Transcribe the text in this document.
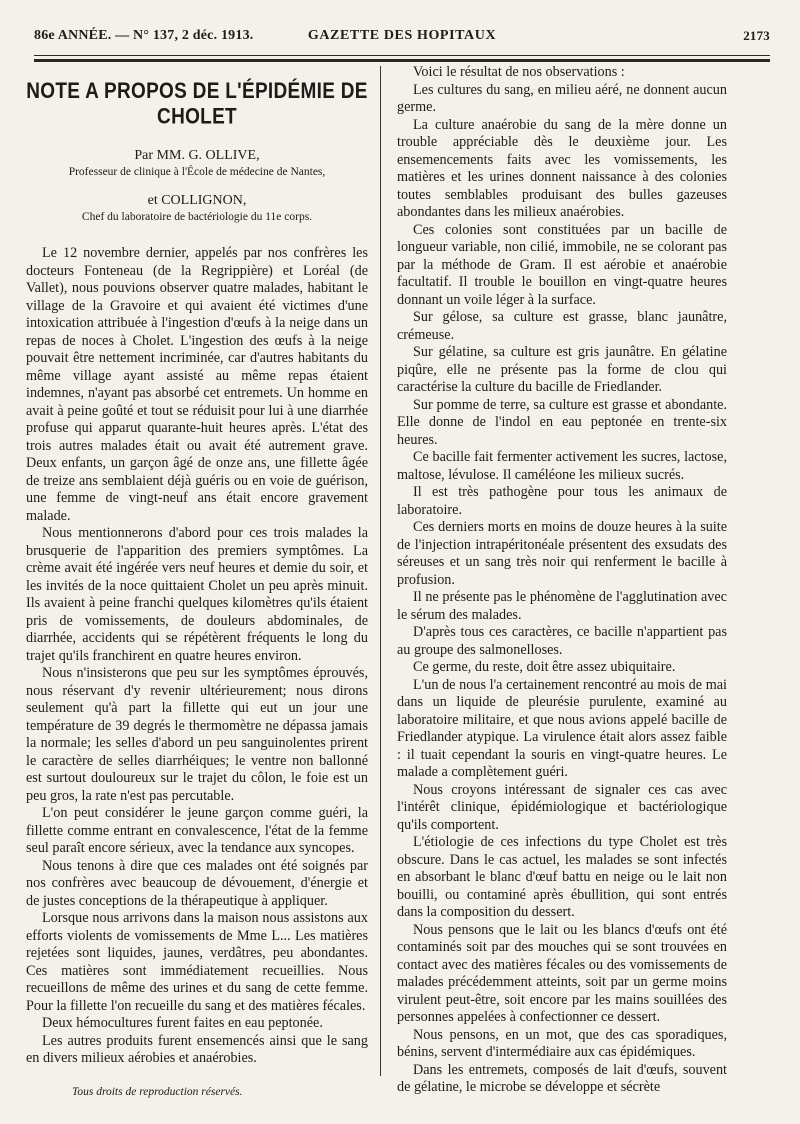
86e ANNÉE. — N° 137, 2 déc. 1913.	GAZETTE DES HOPITAUX	2173
NOTE A PROPOS DE L'ÉPIDÉMIE DE CHOLET
Par MM. G. OLLIVE,
Professeur de clinique à l'École de médecine de Nantes,
et COLLIGNON,
Chef du laboratoire de bactériologie du 11e corps.

Le 12 novembre dernier, appelés par nos confrères les docteurs Fonteneau (de la Regrippière) et Loréal (de Vallet), nous pouvions observer quatre malades, habitant le village de la Gravoire et qui avaient été victimes d'une intoxication attribuée à l'ingestion d'œufs à la neige dans un repas de noces à Cholet. L'ingestion des œufs à la neige pouvait être nettement incriminée, car d'autres habitants du même village ayant assisté au même repas étaient indemnes, n'ayant pas absorbé cet entremets. Un homme en avait à peine goûté et tout se réduisit pour lui à une diarrhée profuse qui apparut quarante-huit heures après. L'état des trois autres malades était ou avait été autrement grave. Deux enfants, un garçon âgé de onze ans, une fillette âgée de treize ans semblaient déjà guéris ou en voie de guérison, une femme de vingt-neuf ans était encore gravement malade.

Nous mentionnerons d'abord pour ces trois malades la brusquerie de l'apparition des premiers symptômes. La crème avait été ingérée vers neuf heures et demie du soir, et les invités de la noce quittaient Cholet un peu après minuit. Ils avaient à peine franchi quelques kilomètres qu'ils étaient pris de vomissements, de douleurs abdominales, de diarrhée, accidents qui se répétèrent fréquents le long du trajet qu'ils franchirent en quatre heures environ.

Nous n'insisterons que peu sur les symptômes éprouvés, nous réservant d'y revenir ultérieurement; nous dirons seulement qu'à part la fillette qui eut un jour une température de 39 degrés le thermomètre ne dépassa jamais la normale; les selles d'abord un peu sanguinolentes prirent le caractère de selles diarrhéiques; le ventre non ballonné est surtout douloureux sur le trajet du côlon, le foie est un peu gros, la rate n'est pas percutable.

L'on peut considérer le jeune garçon comme guéri, la fillette comme entrant en convalescence, l'état de la femme seul paraît encore sérieux, avec la tendance aux syncopes.

Nous tenons à dire que ces malades ont été soignés par nos confrères avec beaucoup de dévouement, d'énergie et de justes conceptions de la thérapeutique à appliquer.

Lorsque nous arrivons dans la maison nous assistons aux efforts violents de vomissements de Mme L... Les matières rejetées sont liquides, jaunes, verdâtres, peu abondantes. Ces matières sont immédiatement recueillies. Nous recueillons de même des urines et du sang de cette femme. Pour la fillette l'on recueille du sang et des matières fécales.

Deux hémocultures furent faites en eau peptonée.

Les autres produits furent ensemencés ainsi que le sang en divers milieux aérobies et anaérobies.

Voici le résultat de nos observations :

Les cultures du sang, en milieu aéré, ne donnent aucun germe.

La culture anaérobie du sang de la mère donne un trouble appréciable dès le deuxième jour. Les ensemencements faits avec les vomissements, les matières et les urines donnent naissance à des colonies toutes semblables produisant des bulles gazeuses abondantes dans les milieux anaérobies.

Ces colonies sont constituées par un bacille de longueur variable, non cilié, immobile, ne se colorant pas par la méthode de Gram. Il est aérobie et anaérobie facultatif. Il trouble le bouillon en vingt-quatre heures donnant un voile léger à la surface.

Sur gélose, sa culture est grasse, blanc jaunâtre, crémeuse.

Sur gélatine, sa culture est gris jaunâtre. En gélatine piqûre, elle ne présente pas la forme de clou qui caractérise la culture du bacille de Friedlander.

Sur pomme de terre, sa culture est grasse et abondante. Elle donne de l'indol en eau peptonée en trente-six heures.

Ce bacille fait fermenter activement les sucres, lactose, maltose, lévulose. Il caméléone les milieux sucrés.

Il est très pathogène pour tous les animaux de laboratoire.

Ces derniers morts en moins de douze heures à la suite de l'injection intrapéritonéale présentent des exsudats des séreuses et un sang très noir qui renferment le bacille à profusion.

Il ne présente pas le phénomène de l'agglutination avec le sérum des malades.

D'après tous ces caractères, ce bacille n'appartient pas au groupe des salmonelloses.

Ce germe, du reste, doit être assez ubiquitaire.

L'un de nous l'a certainement rencontré au mois de mai dans un liquide de pleurésie purulente, examiné au laboratoire militaire, et que nous avions appelé bacille de Friedlander atypique. La virulence était alors assez faible : il tuait cependant la souris en vingt-quatre heures. Le malade a complètement guéri.

Nous croyons intéressant de signaler ces cas avec l'intérêt clinique, épidémiologique et bactériologique qu'ils comportent.

L'étiologie de ces infections du type Cholet est très obscure. Dans le cas actuel, les malades se sont infectés en absorbant le blanc d'œuf battu en neige ou le lait non bouilli, ou contaminé après ébullition, qui sont entrés dans la composition du dessert.

Nous pensons que le lait ou les blancs d'œufs ont été contaminés soit par des mouches qui se sont trouvées en contact avec des matières fécales ou des vomissements de malades précédemment atteints, soit par un germe moins virulent peut-être, soit encore par les mains souillées des personnes appelées à confectionner ce dessert.

Nous pensons, en un mot, que des cas sporadiques, bénins, servent d'intermédiaire aux cas épidémiques.

Dans les entremets, composés de lait d'œufs, souvent de gélatine, le microbe se développe et sécrète

Tous droits de reproduction réservés.
